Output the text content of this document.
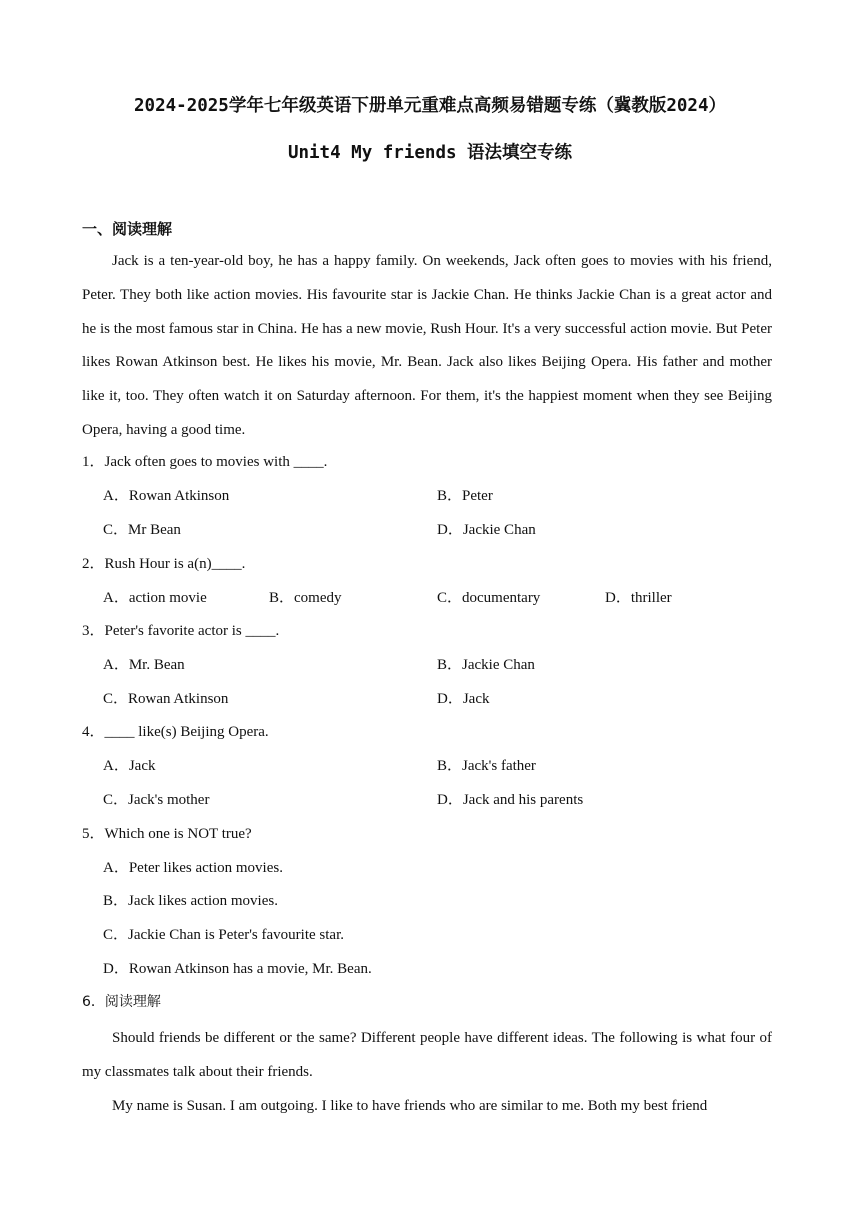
2024-2025学年七年级英语下册单元重难点高频易错题专练（冀教版2024）
Unit4 My friends 语法填空专练
一、阅读理解
Jack is a ten-year-old boy, he has a happy family. On weekends, Jack often goes to movies with his friend, Peter. They both like action movies. His favourite star is Jackie Chan. He thinks Jackie Chan is a great actor and he is the most famous star in China. He has a new movie, Rush Hour. It's a very successful action movie. But Peter likes Rowan Atkinson best. He likes his movie, Mr. Bean. Jack also likes Beijing Opera. His father and mother like it, too. They often watch it on Saturday afternoon. For them, it's the happiest moment when they see Beijing Opera, having a good time.
1．Jack often goes to movies with ____.
A．Rowan Atkinson	B．Peter
C．Mr Bean	D．Jackie Chan
2．Rush Hour is a(n)____.
A．action movie	B．comedy	C．documentary	D．thriller
3．Peter's favorite actor is ____.
A．Mr. Bean	B．Jackie Chan
C．Rowan Atkinson	D．Jack
4．____ like(s) Beijing Opera.
A．Jack	B．Jack's father
C．Jack's mother	D．Jack and his parents
5．Which one is NOT true?
A．Peter likes action movies.
B．Jack likes action movies.
C．Jackie Chan is Peter's favourite star.
D．Rowan Atkinson has a movie, Mr. Bean.
6．阅读理解
Should friends be different or the same? Different people have different ideas. The following is what four of my classmates talk about their friends.
My name is Susan. I am outgoing. I like to have friends who are similar to me. Both my best friend
